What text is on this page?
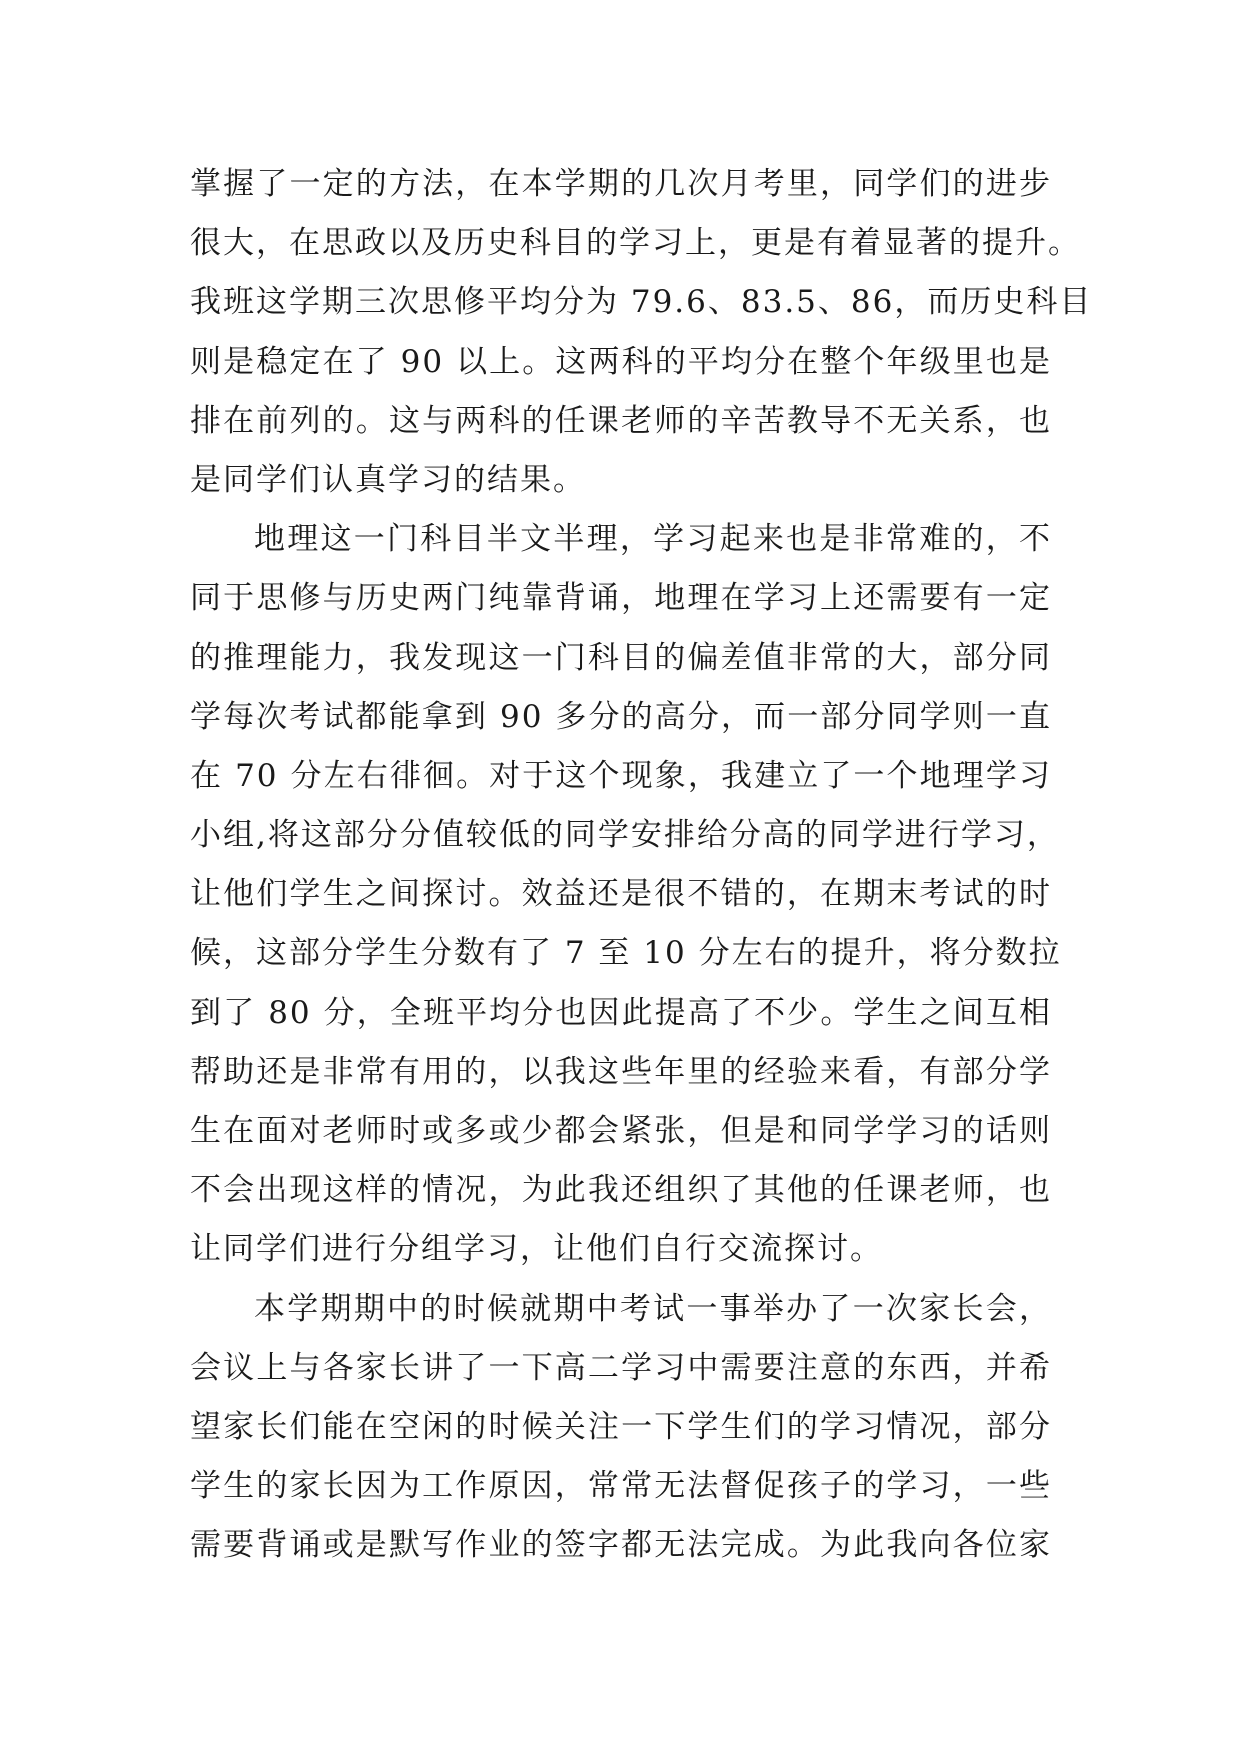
掌握了一定的方法，在本学期的几次月考里，同学们的进步
很大，在思政以及历史科目的学习上，更是有着显著的提升。
我班这学期三次思修平均分为 79.6、83.5、86，而历史科目
则是稳定在了 90 以上。这两科的平均分在整个年级里也是
排在前列的。这与两科的任课老师的辛苦教导不无关系，也
是同学们认真学习的结果。
地理这一门科目半文半理，学习起来也是非常难的，不
同于思修与历史两门纯靠背诵，地理在学习上还需要有一定
的推理能力，我发现这一门科目的偏差值非常的大，部分同
学每次考试都能拿到 90 多分的高分，而一部分同学则一直
在 70 分左右徘徊。对于这个现象，我建立了一个地理学习
小组,将这部分分值较低的同学安排给分高的同学进行学习，
让他们学生之间探讨。效益还是很不错的，在期末考试的时
候，这部分学生分数有了 7 至 10 分左右的提升，将分数拉
到了 80 分，全班平均分也因此提高了不少。学生之间互相
帮助还是非常有用的，以我这些年里的经验来看，有部分学
生在面对老师时或多或少都会紧张，但是和同学学习的话则
不会出现这样的情况，为此我还组织了其他的任课老师，也
让同学们进行分组学习，让他们自行交流探讨。
本学期期中的时候就期中考试一事举办了一次家长会，
会议上与各家长讲了一下高二学习中需要注意的东西，并希
望家长们能在空闲的时候关注一下学生们的学习情况，部分
学生的家长因为工作原因，常常无法督促孩子的学习，一些
需要背诵或是默写作业的签字都无法完成。为此我向各位家
